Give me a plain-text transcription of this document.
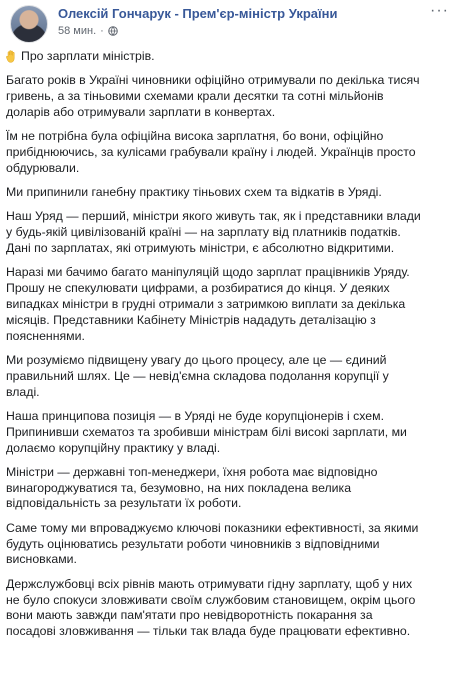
Олексій Гончарук - Прем'єр-міністр України
58 мин. ·
···
Про зарплати міністрів.
Багато років в Україні чиновники офіційно отримували по декілька тисяч
гривень, а за тіньовими схемами крали десятки та сотні мільйонів
доларів або отримували зарплати в конвертах.
Їм не потрібна була офіційна висока зарплатня, бо вони, офіційно
прибіднюючись, за кулісами грабували країну і людей. Українців просто
обдурювали.
Ми припинили ганебну практику тіньових схем та відкатів в Уряді.
Наш Уряд — перший, міністри якого живуть так, як і представники влади
у будь-якій цивілізованій країні — на зарплату від платників податків.
Дані по зарплатах, які отримують міністри, є абсолютно відкритими.
Наразі ми бачимо багато маніпуляцій щодо зарплат працівників Уряду.
Прошу не спекулювати цифрами, а розбиратися до кінця. У деяких
випадках міністри в грудні отримали з затримкою виплати за декілька
місяців. Представники Кабінету Міністрів нададуть деталізацію з
поясненнями.
Ми розуміємо підвищену увагу до цього процесу, але це — єдиний
правильний шлях. Це — невід'ємна складова подолання корупції у
владі.
Наша принципова позиція — в Уряді не буде корупціонерів і схем.
Припинивши схематоз та зробивши міністрам білі високі зарплати, ми
долаємо корупційну практику у владі.
Міністри — державні топ-менеджери, їхня робота має відповідно
винагороджуватися та, безумовно, на них покладена велика
відповідальність за результати їх роботи.
Саме тому ми впроваджуємо ключові показники ефективності, за якими
будуть оцінюватись результати роботи чиновників з відповідними
висновками.
Держслужбовці всіх рівнів мають отримувати гідну зарплату, щоб у них
не було спокуси зловживати своїм службовим становищем, окрім цього
вони мають завжди пам'ятати про невідворотність покарання за
посадові зловживання — тільки так влада буде працювати ефективно.
